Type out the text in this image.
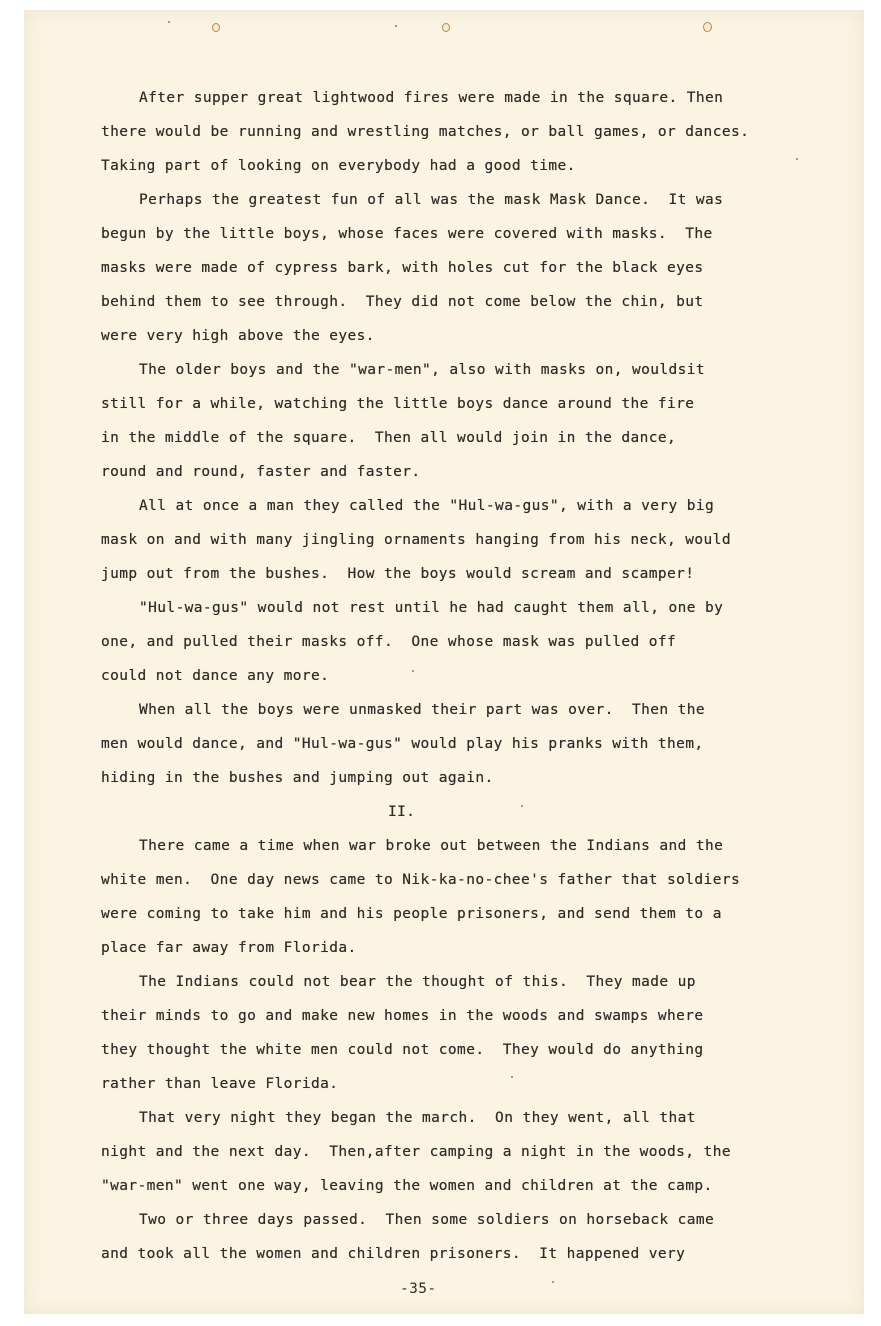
After supper great lightwood fires were made in the square. Then
there would be running and wrestling matches, or ball games, or dances.
Taking part of looking on everybody had a good time.
Perhaps the greatest fun of all was the mask Mask Dance.  It was
begun by the little boys, whose faces were covered with masks.  The
masks were made of cypress bark, with holes cut for the black eyes
behind them to see through.  They did not come below the chin, but
were very high above the eyes.
The older boys and the "war-men", also with masks on, wouldsit
still for a while, watching the little boys dance around the fire
in the middle of the square.  Then all would join in the dance,
round and round, faster and faster.
All at once a man they called the "Hul-wa-gus", with a very big
mask on and with many jingling ornaments hanging from his neck, would
jump out from the bushes.  How the boys would scream and scamper!
"Hul-wa-gus" would not rest until he had caught them all, one by
one, and pulled their masks off.  One whose mask was pulled off
could not dance any more.
When all the boys were unmasked their part was over.  Then the
men would dance, and "Hul-wa-gus" would play his pranks with them,
hiding in the bushes and jumping out again.
II.
There came a time when war broke out between the Indians and the
white men.  One day news came to Nik-ka-no-chee's father that soldiers
were coming to take him and his people prisoners, and send them to a
place far away from Florida.
The Indians could not bear the thought of this.  They made up
their minds to go and make new homes in the woods and swamps where
they thought the white men could not come.  They would do anything
rather than leave Florida.
That very night they began the march.  On they went, all that
night and the next day.  Then,after camping a night in the woods, the
"war-men" went one way, leaving the women and children at the camp.
Two or three days passed.  Then some soldiers on horseback came
and took all the women and children prisoners.  It happened very
-35-
